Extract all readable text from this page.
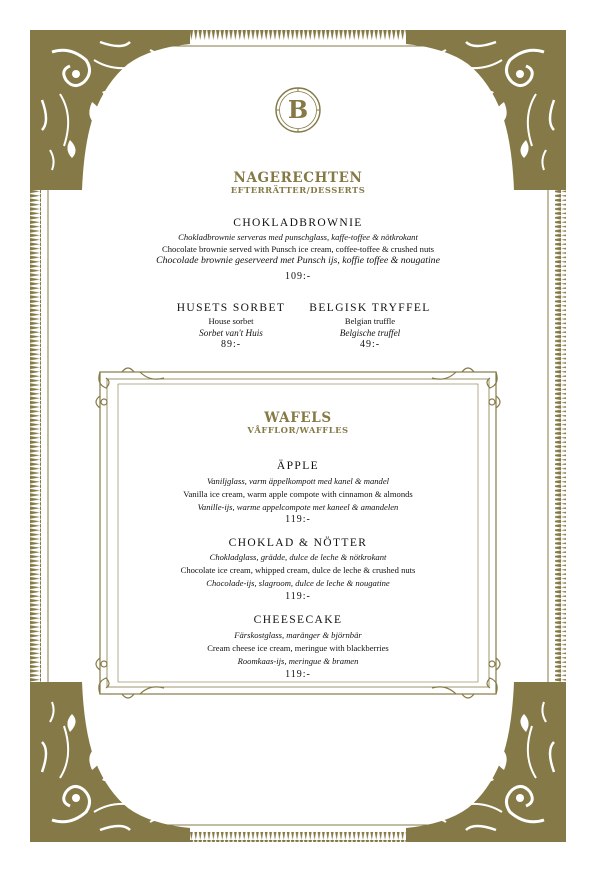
B
NAGERECHTEN
EFTERRÄTTER/DESSERTS
CHOKLADBROWNIE
Chokladbrownie serveras med punschglass, kaffe-toffee & nötkrokant
Chocolate brownie served with Punsch ice cream, coffee-toffee & crushed nuts
Chocolade brownie geserveerd met Punsch ijs, koffie toffee & nougatine
109:-
HUSETS SORBET
House sorbet
Sorbet van't Huis
89:-
BELGISK TRYFFEL
Belgian truffle
Belgische truffel
49:-
WAFELS
VÅFFLOR/WAFFLES
ÄPPLE
Vaniljglass, varm äppelkompott med kanel & mandel
Vanilla ice cream, warm apple compote with cinnamon & almonds
Vanille-ijs, warme appelcompote met kaneel & amandelen
119:-
CHOKLAD & NÖTTER
Chokladglass, grädde, dulce de leche & nötkrokant
Chocolate ice cream, whipped cream, dulce de leche & crushed nuts
Chocolade-ijs, slagroom, dulce de leche & nougatine
119:-
CHEESECAKE
Färskostglass, maränger & björnbär
Cream cheese ice cream, meringue with blackberries
Roomkaas-ijs, meringue & bramen
119:-
